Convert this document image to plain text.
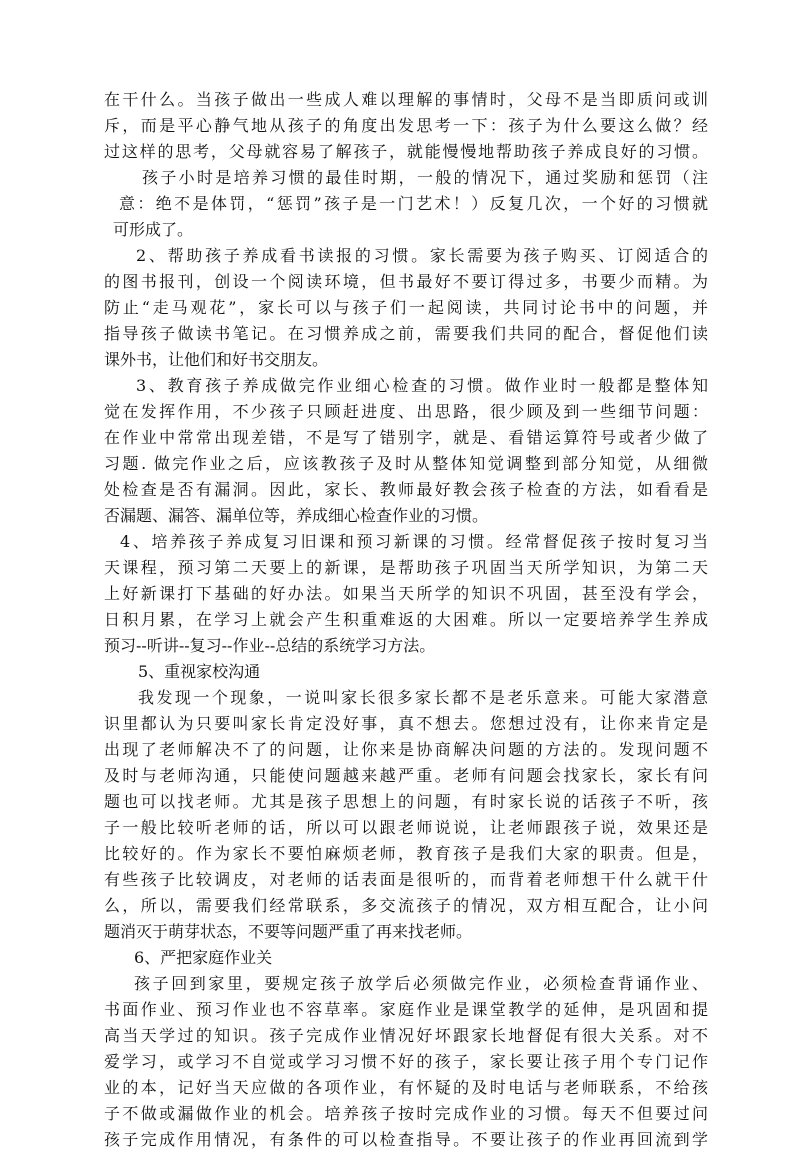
在干什么。当孩子做出一些成人难以理解的事情时，父母不是当即质问或训
斥，而是平心静气地从孩子的角度出发思考一下：孩子为什么要这么做？经
过这样的思考，父母就容易了解孩子，就能慢慢地帮助孩子养成良好的习惯。
孩子小时是培养习惯的最佳时期，一般的情况下，通过奖励和惩罚（注
意：绝不是体罚，“惩罚”孩子是一门艺术！）反复几次，一个好的习惯就
可形成了。
2、帮助孩子养成看书读报的习惯。家长需要为孩子购买、订阅适合的
的图书报刊，创设一个阅读环境，但书最好不要订得过多，书要少而精。为
防止“走马观花”，家长可以与孩子们一起阅读，共同讨论书中的问题，并
指导孩子做读书笔记。在习惯养成之前，需要我们共同的配合，督促他们读
课外书，让他们和好书交朋友。
3、教育孩子养成做完作业细心检查的习惯。做作业时一般都是整体知
觉在发挥作用，不少孩子只顾赶进度、出思路，很少顾及到一些细节问题：
在作业中常常出现差错，不是写了错别字，就是、看错运算符号或者少做了
习题. 做完作业之后，应该教孩子及时从整体知觉调整到部分知觉，从细微
处检查是否有漏洞。因此，家长、教师最好教会孩子检查的方法，如看看是
否漏题、漏答、漏单位等，养成细心检查作业的习惯。
4、培养孩子养成复习旧课和预习新课的习惯。经常督促孩子按时复习当
天课程，预习第二天要上的新课，是帮助孩子巩固当天所学知识，为第二天
上好新课打下基础的好办法。如果当天所学的知识不巩固，甚至没有学会，
日积月累，在学习上就会产生积重难返的大困难。所以一定要培养学生养成
预习--听讲--复习--作业--总结的系统学习方法。
5、重视家校沟通
我发现一个现象，一说叫家长很多家长都不是老乐意来。可能大家潜意
识里都认为只要叫家长肯定没好事，真不想去。您想过没有，让你来肯定是
出现了老师解决不了的问题，让你来是协商解决问题的方法的。发现问题不
及时与老师沟通，只能使问题越来越严重。老师有问题会找家长，家长有问
题也可以找老师。尤其是孩子思想上的问题，有时家长说的话孩子不听，孩
子一般比较听老师的话，所以可以跟老师说说，让老师跟孩子说，效果还是
比较好的。作为家长不要怕麻烦老师，教育孩子是我们大家的职责。但是，
有些孩子比较调皮，对老师的话表面是很听的，而背着老师想干什么就干什
么，所以，需要我们经常联系，多交流孩子的情况，双方相互配合，让小问
题消灭于萌芽状态，不要等问题严重了再来找老师。
6、严把家庭作业关
孩子回到家里，要规定孩子放学后必须做完作业，必须检查背诵作业、
书面作业、预习作业也不容草率。家庭作业是课堂教学的延伸，是巩固和提
高当天学过的知识。孩子完成作业情况好坏跟家长地督促有很大关系。对不
爱学习，或学习不自觉或学习习惯不好的孩子，家长要让孩子用个专门记作
业的本，记好当天应做的各项作业，有怀疑的及时电话与老师联系，不给孩
子不做或漏做作业的机会。培养孩子按时完成作业的习惯。每天不但要过问
孩子完成作用情况，有条件的可以检查指导。不要让孩子的作业再回流到学
